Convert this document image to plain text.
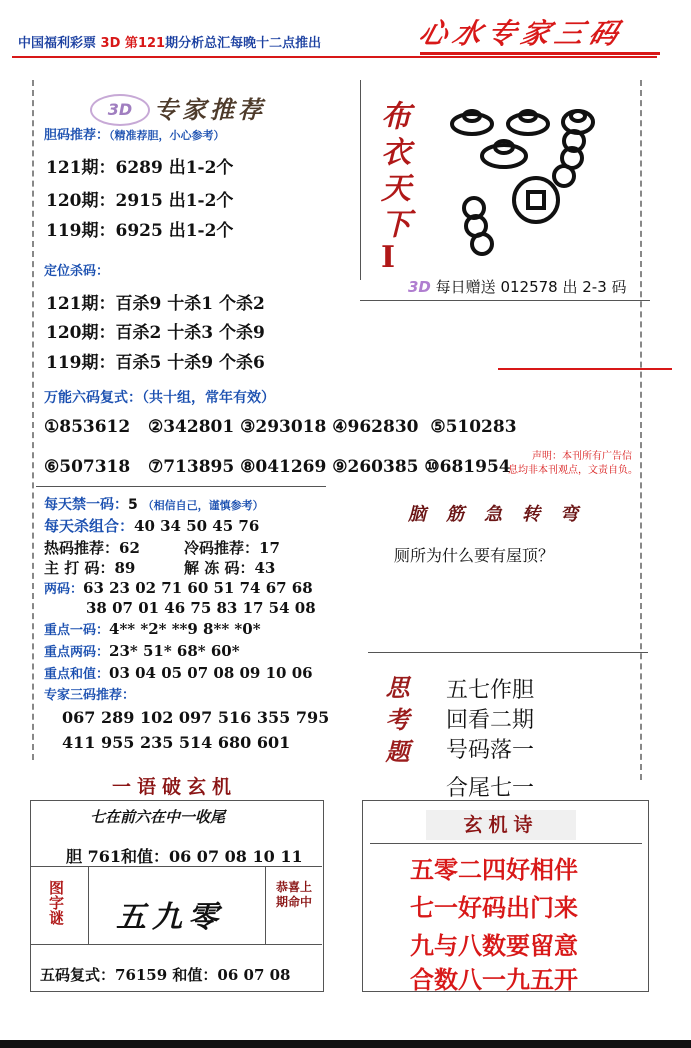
中国福利彩票 3D 第121期分析总汇每晚十二点推出	心水专家三码
3D 专家推荐
胆码推荐：（精准荐胆，小心参考）
121期：6289 出1-2个
120期：2915 出1-2个
119期：6925 出1-2个
定位杀码：
121期：百杀9 十杀1 个杀2
120期：百杀2 十杀3 个杀9
119期：百杀5 十杀9 个杀6
万能六码复式：（共十组，常年有效）
①853612 ②342801 ③293018 ④962830 ⑤510283
⑥507318 ⑦713895 ⑧041269 ⑨260385 ⑩681954
布衣天下
I
3D 每日赠送 012578 出 2-3 码
声明：本刊所有广告信
息均非本刊观点，文责自负。
每天禁一码：5 （相信自己，谨慎参考）
每天杀组合：40 34 50 45 76
热码推荐：62	冷码推荐：17
主 打 码：89	解 冻 码：43
两码：63 23 02 71 60 51 74 67 68
38 07 01 46 75 83 17 54 08
重点一码：4** *2* **9 8** *0*
重点两码：23* 51* 68* 60*
重点和值：03 04 05 07 08 09 10 06
专家三码推荐：
067 289 102 097 516 355 795
411 955 235 514 680 601
脑筋急转弯
厕所为什么要有屋顶？
思考题 五七作胆
回看二期
号码落一
合尾七一
一语破玄机
七在前六在中一收尾
胆 761和值：06 07 08 10 11
图字谜 五九零
恭喜上期命中
五码复式：76159 和值：06 07 08
玄机诗
五零二四好相伴
七一好码出门来
九与八数要留意
合数八一九五开
